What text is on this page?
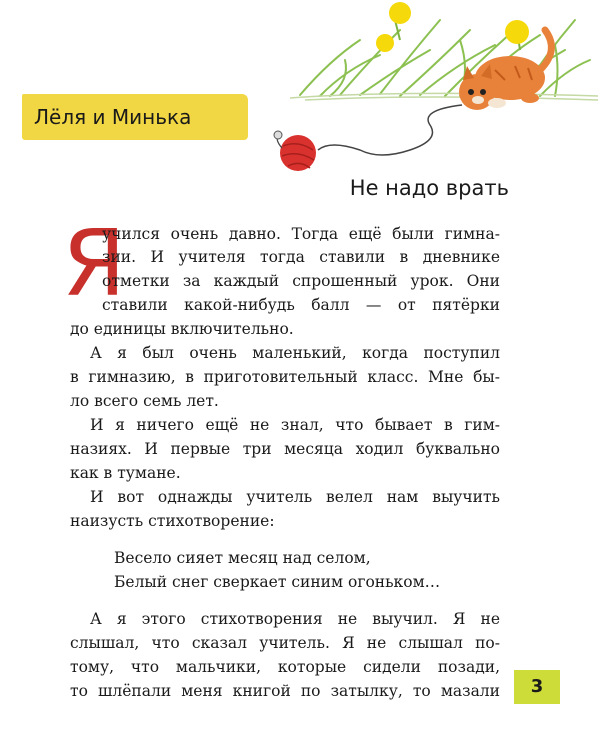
Лёля и Минька
Не надо врать
Я
учился очень давно. Тогда ещё были гимна-
зии. И учителя тогда ставили в дневнике
отметки за каждый спрошенный урок. Они
ставили какой-нибудь балл — от пятёрки
до единицы включительно.
А я был очень маленький, когда поступил
в гимназию, в приготовительный класс. Мне бы-
ло всего семь лет.
И я ничего ещё не знал, что бывает в гим-
назиях. И первые три месяца ходил буквально
как в тумане.
И вот однажды учитель велел нам выучить
наизусть стихотворение:
Весело сияет месяц над селом,
Белый снег сверкает синим огоньком…
А я этого стихотворения не выучил. Я не
слышал, что сказал учитель. Я не слышал по-
тому, что мальчики, которые сидели позади,
то шлёпали меня книгой по затылку, то мазали	3
